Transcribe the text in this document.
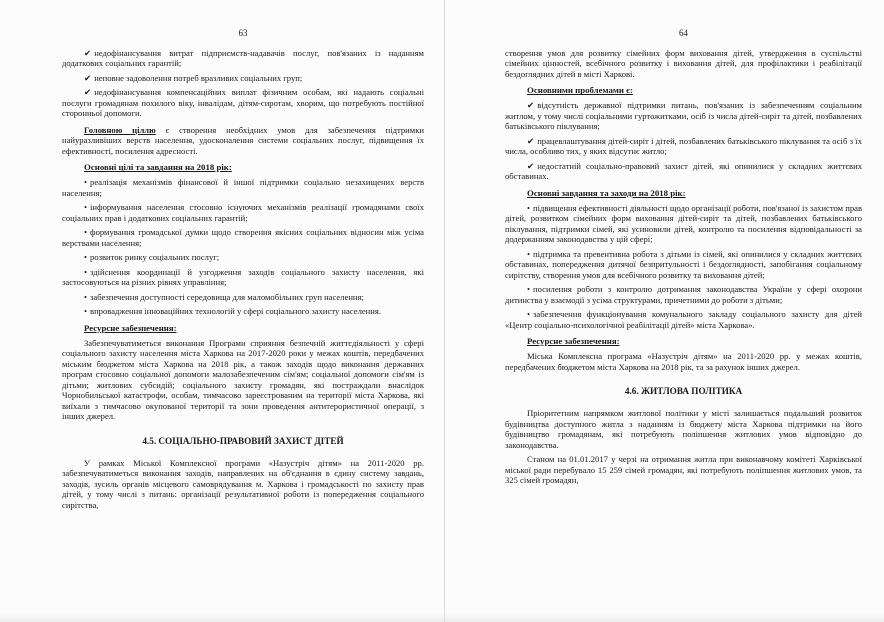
63

✔ недофінансування витрат підприємств-надавачів послуг, пов'язаних із наданням додаткових соціальних гарантій;

✔ неповне задоволення потреб вразливих соціальних груп;

✔ недофінансування компенсаційних виплат фізичним особам, які надають соціальні послуги громадянам похилого віку, інвалідам, дітям-сиротам, хворим, що потребують постійної сторонньої допомоги.

Головною ціллю є створення необхідних умов для забезпечення підтримки найуразливіших верств населення, удосконалення системи соціальних послуг, підвищення їх ефективності, посилення адресності.
Основні цілі та завдання на 2018 рік:

• реалізація механізмів фінансової й іншої підтримки соціально незахищених верств населення;

• інформування населення стосовно існуючих механізмів реалізації громадянами своїх соціальних прав і додаткових соціальних гарантій;

• формування громадської думки щодо створення якісних соціальних відносин між усіма верствами населення;

• розвиток ринку соціальних послуг;

• здійснення координації й узгодження заходів соціального захисту населення, які застосовуються на різних рівнях управління;

• забезпечення доступності середовища для маломобільних груп населення;

• впровадження інноваційних технологій у сфері соціального захисту населення.

Ресурсне забезпечення:

Забезпечуватиметься виконання Програми сприяння безпечній життєдіяльності у сфері соціального захисту населення міста Харкова на 2017-2020 роки у межах коштів, передбачених міським бюджетом міста Харкова на 2018 рік, а також заходів щодо виконання державних програм стосовно соціальної допомоги малозабезпеченим сім'ям; соціальної допомоги сім'ям із дітьми; житлових субсидій; соціального захисту громадян, які постраждали внаслідок Чорнобильської катастрофи, особам, тимчасово зареєстрованим на території міста Харкова, які виїхали з тимчасово окупованої території та зони проведення антитерористичної операції, з інших джерел.

4.5. СОЦІАЛЬНО-ПРАВОВИЙ ЗАХИСТ ДІТЕЙ

У рамках Міської Комплексної програми «Назустріч дітям» на 2011-2020 рр. забезпечуватиметься виконання заходів, направлених на об'єднання в єдину систему завдань, заходів, зусиль органів місцевого самоврядування м. Харкова і громадськості по захисту прав дітей, у тому числі з питань: організації результативної роботи із попередження соціального сирітства,

64

створення умов для розвитку сімейних форм виховання дітей, утвердження в суспільстві сімейних цінностей, всебічного розвитку і виховання дітей, для профілактики і реабілітації бездоглядних дітей в місті Харкові.

Основними проблемами є:

✔ відсутність державної підтримки питань, пов'язаних із забезпеченням соціальним житлом, у тому числі соціальними гуртожитками, осіб із числа дітей-сиріт та дітей, позбавлених батьківського піклування;

✔ працевлаштування дітей-сиріт і дітей, позбавлених батьківського піклування та осіб з їх числа, особливо тих, у яких відсутнє житло;

✔ недостатній соціально-правовий захист дітей, які опинилися у складних життєвих обставинах.

Основні завдання та заходи на 2018 рік:

• підвищення ефективності діяльності щодо організації роботи, пов'язаної із захистом прав дітей, розвитком сімейних форм виховання дітей-сиріт та дітей, позбавлених батьківського піклування, підтримки сімей, які усиновили дітей, контролю та посилення відповідальності за додержанням законодавства у цій сфері;

• підтримка та превентивна робота з дітьми із сімей, які опинилися у складних життєвих обставинах, попередження дитячої безпритульності і бездоглядності, запобігання соціальному сирітству, створення умов для всебічного розвитку та виховання дітей;

• посилення роботи з контролю дотримання законодавства України у сфері охорони дитинства у взаємодії з усіма структурами, причетними до роботи з дітьми;

• забезпечення функціонування комунального закладу соціального захисту для дітей «Центр соціально-психологічної реабілітації дітей» міста Харкова».

Ресурсне забезпечення:

Міська Комплексна програма «Назустріч дітям» на 2011-2020 рр. у межах коштів, передбачених бюджетом міста Харкова на 2018 рік, та за рахунок інших джерел.

4.6. ЖИТЛОВА ПОЛІТИКА

Пріоритетним напрямком житлової політики у місті залишається подальший розвиток будівництва доступного житла з наданням із бюджету міста Харкова підтримки на його будівництво громадянам, які потребують поліпшення житлових умов відповідно до законодавства.

Станом на 01.01.2017 у черзі на отримання житла при виконавчому комітеті Харківської міської ради перебувало 15 259 сімей громадян, які потребують поліпшення житлових умов, та 325 сімей громадян,
